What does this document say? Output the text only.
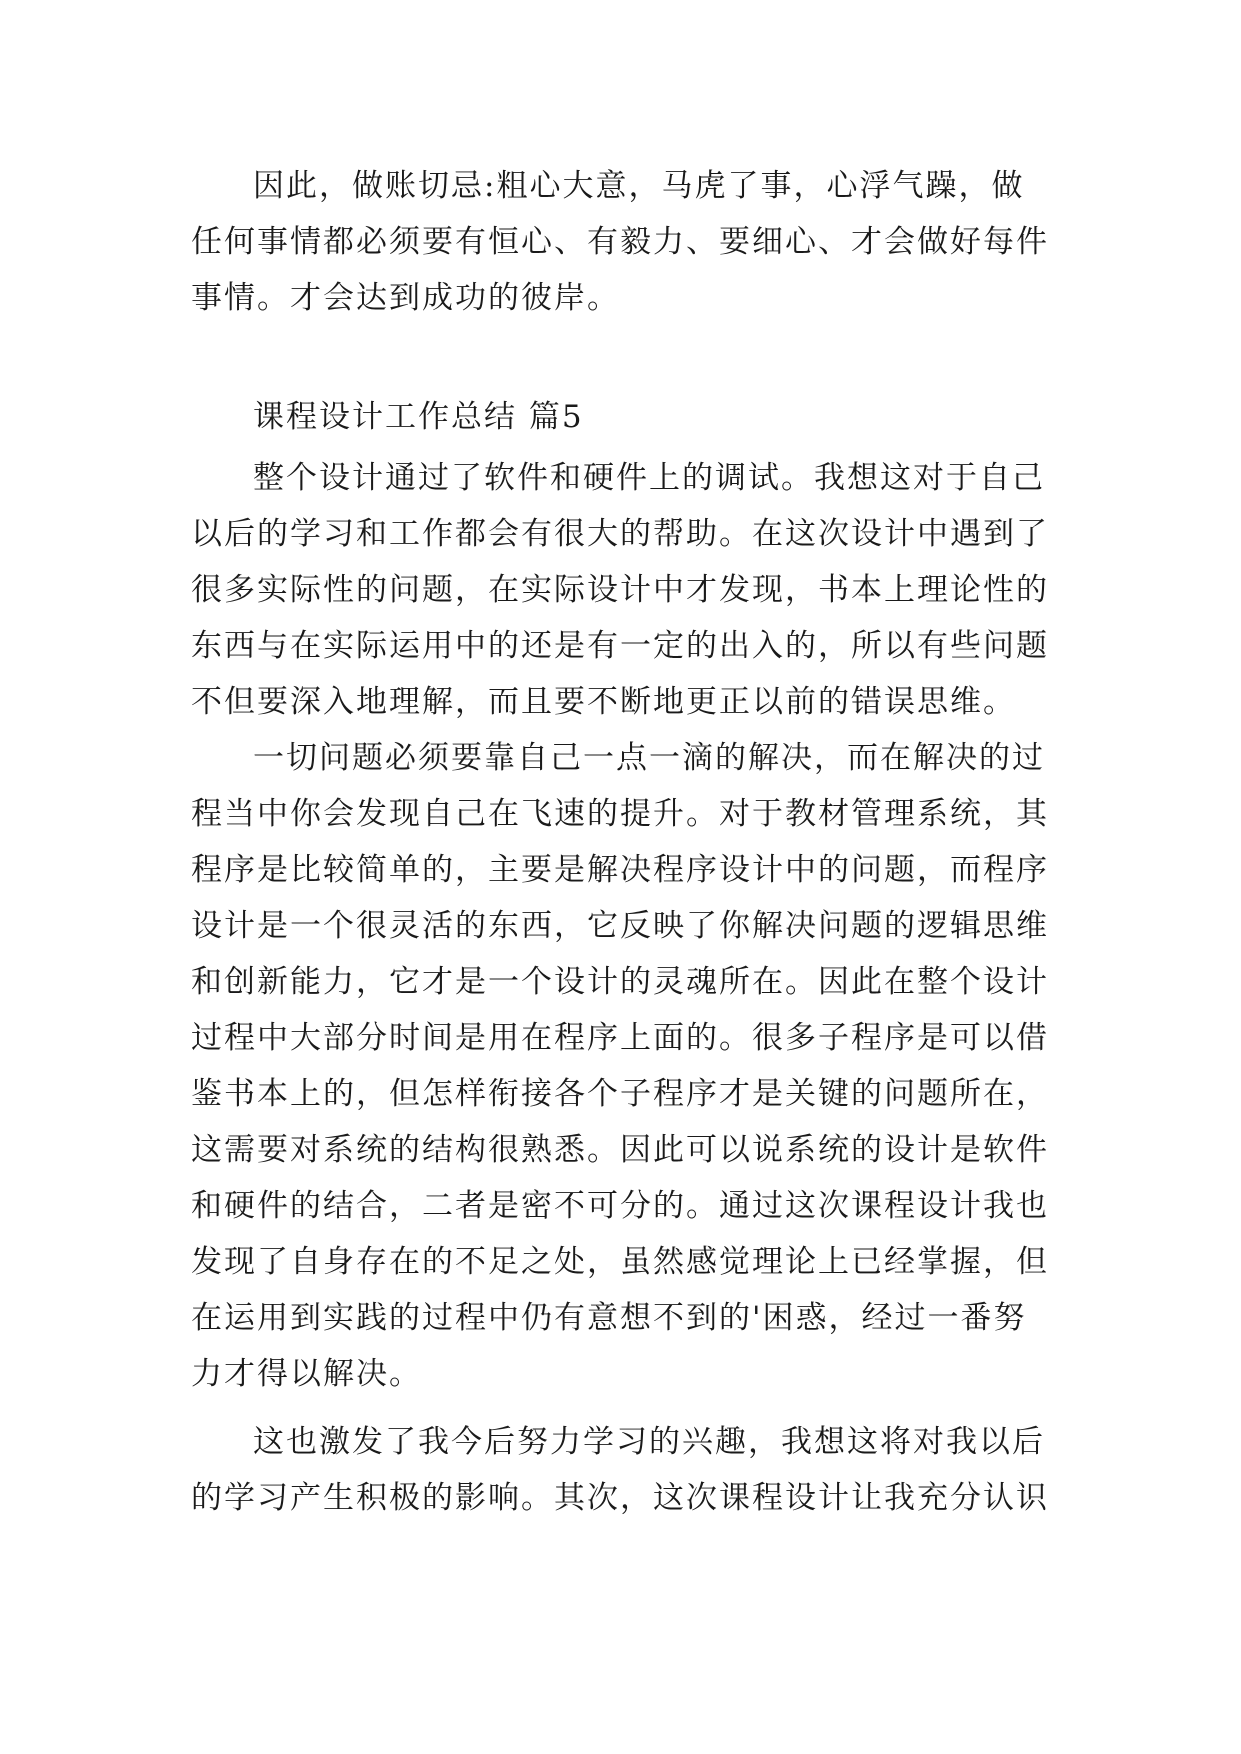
因此，做账切忌:粗心大意，马虎了事，心浮气躁，做
任何事情都必须要有恒心、有毅力、要细心、才会做好每件
事情。才会达到成功的彼岸。
课程设计工作总结 篇5
整个设计通过了软件和硬件上的调试。我想这对于自己
以后的学习和工作都会有很大的帮助。在这次设计中遇到了
很多实际性的问题，在实际设计中才发现，书本上理论性的
东西与在实际运用中的还是有一定的出入的，所以有些问题
不但要深入地理解，而且要不断地更正以前的错误思维。
一切问题必须要靠自己一点一滴的解决，而在解决的过
程当中你会发现自己在飞速的提升。对于教材管理系统，其
程序是比较简单的，主要是解决程序设计中的问题，而程序
设计是一个很灵活的东西，它反映了你解决问题的逻辑思维
和创新能力，它才是一个设计的灵魂所在。因此在整个设计
过程中大部分时间是用在程序上面的。很多子程序是可以借
鉴书本上的，但怎样衔接各个子程序才是关键的问题所在，
这需要对系统的结构很熟悉。因此可以说系统的设计是软件
和硬件的结合，二者是密不可分的。通过这次课程设计我也
发现了自身存在的不足之处，虽然感觉理论上已经掌握，但
在运用到实践的过程中仍有意想不到的'困惑，经过一番努
力才得以解决。
这也激发了我今后努力学习的兴趣，我想这将对我以后
的学习产生积极的影响。其次，这次课程设计让我充分认识
